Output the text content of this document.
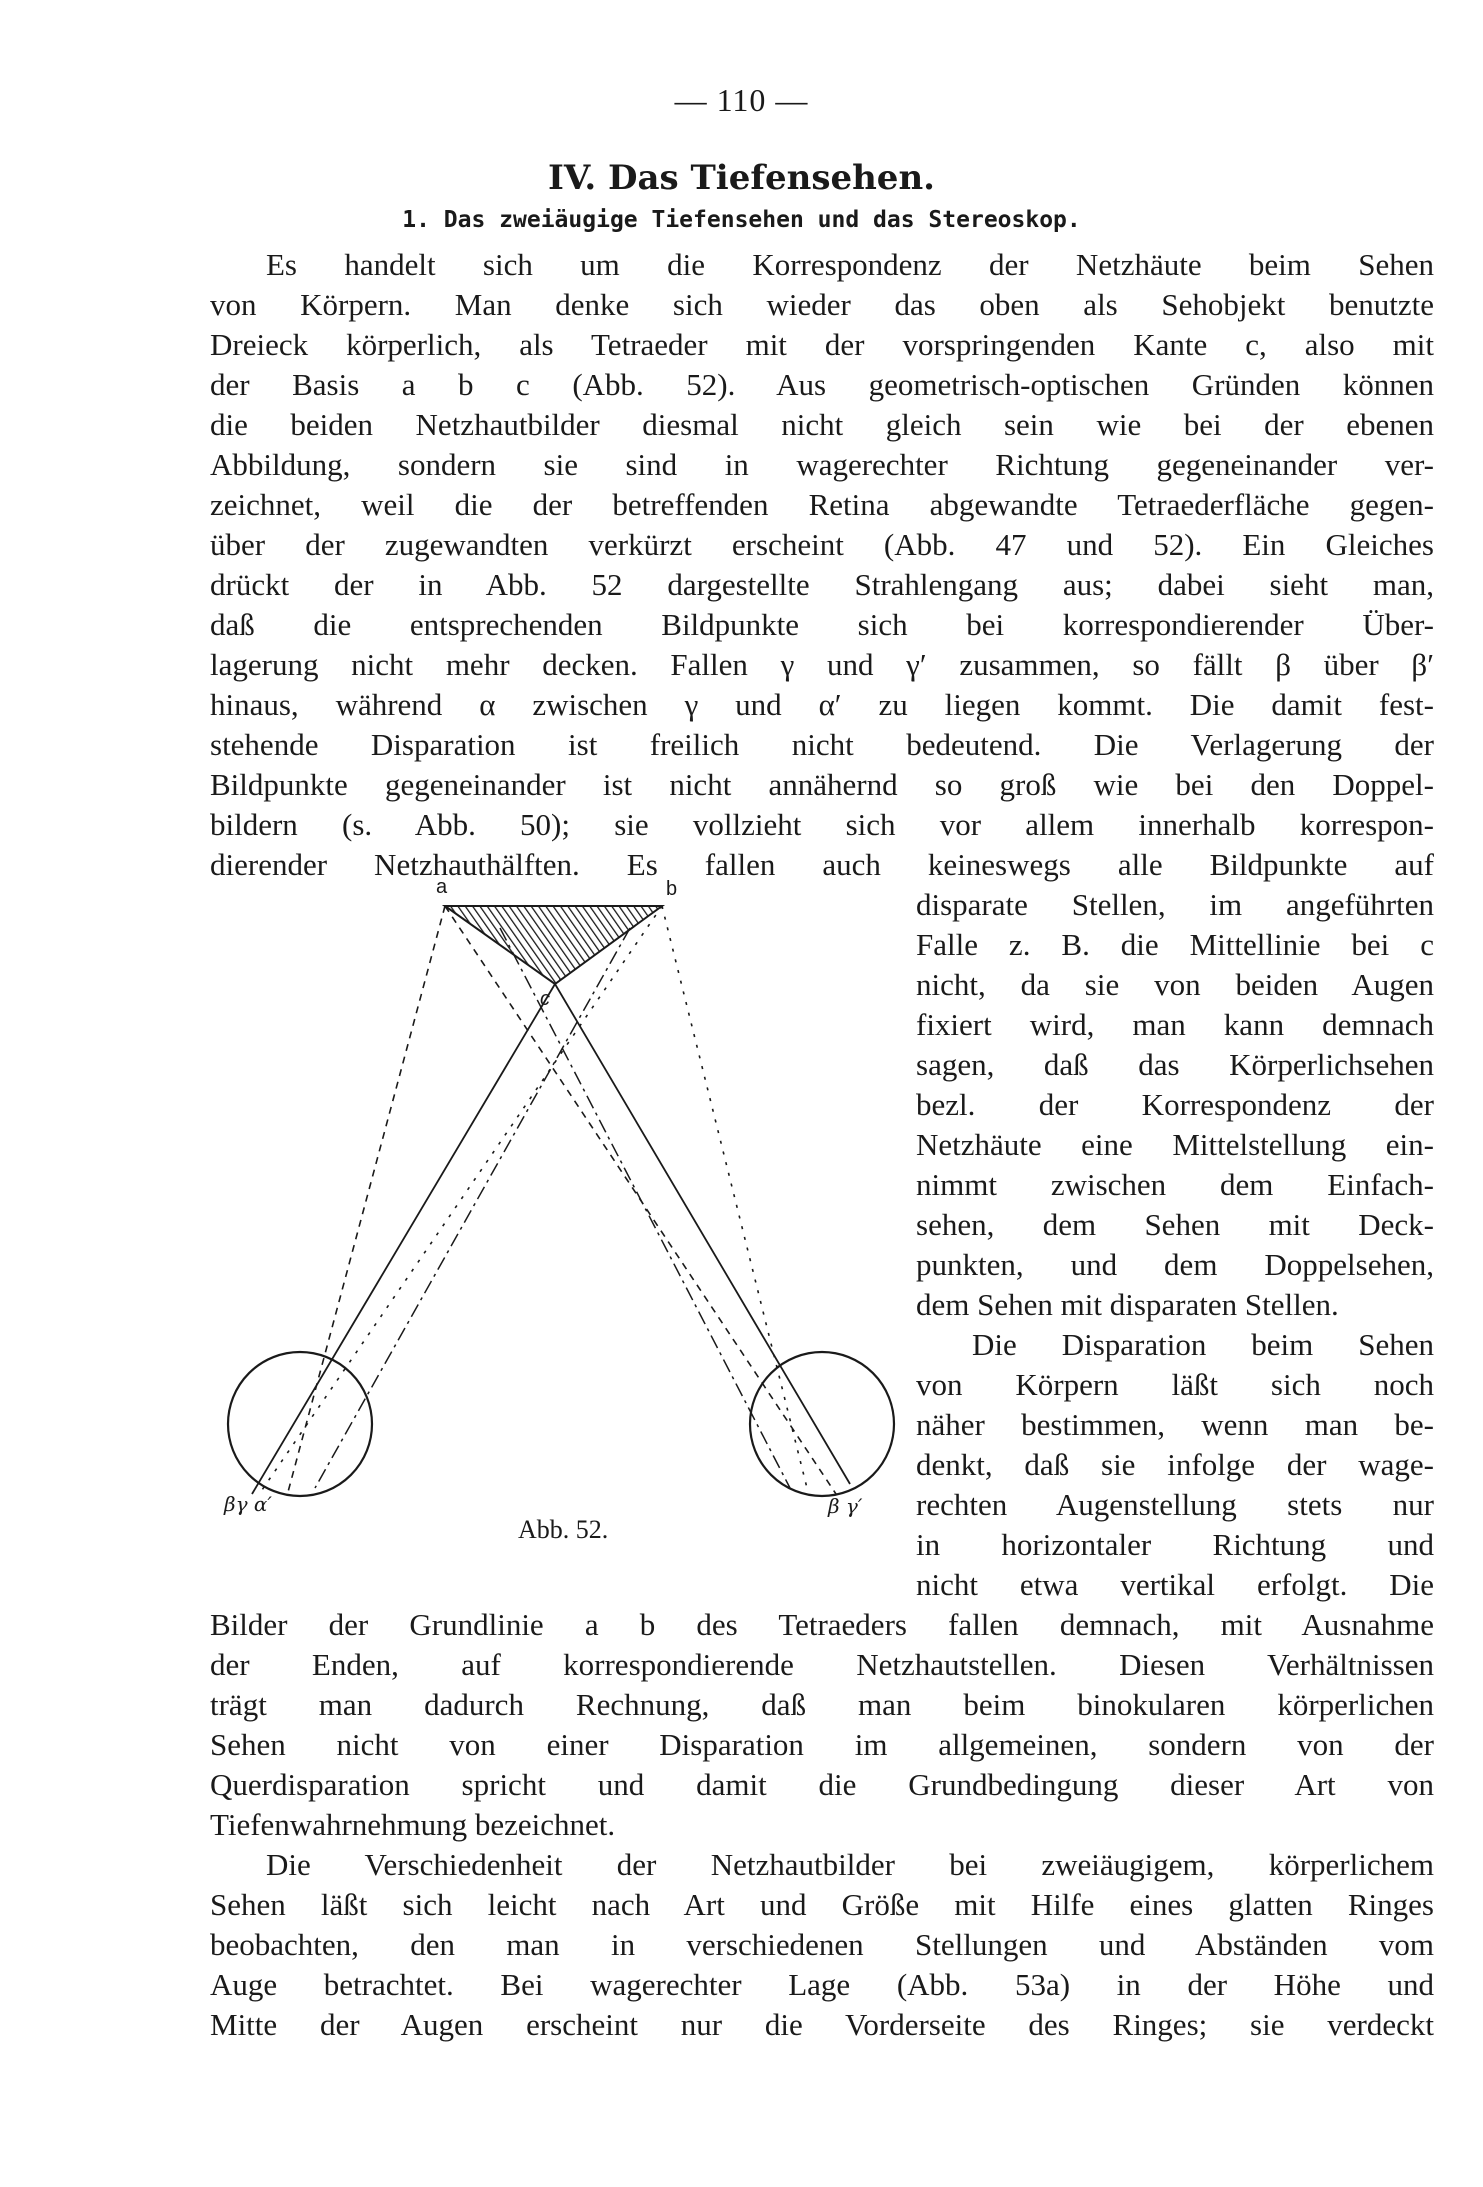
— 110 —
IV. Das Tiefensehen.
1. Das zweiäugige Tiefensehen und das Stereoskop.
Es handelt sich um die Korrespondenz der Netzhäute beim Sehen
von Körpern. Man denke sich wieder das oben als Sehobjekt benutzte
Dreieck körperlich, als Tetraeder mit der vorspringenden Kante c, also mit
der Basis a b c (Abb. 52). Aus geometrisch-optischen Gründen können
die beiden Netzhautbilder diesmal nicht gleich sein wie bei der ebenen
Abbildung, sondern sie sind in wagerechter Richtung gegeneinander ver-
zeichnet, weil die der betreffenden Retina abgewandte Tetraederfläche gegen-
über der zugewandten verkürzt erscheint (Abb. 47 und 52). Ein Gleiches
drückt der in Abb. 52 dargestellte Strahlengang aus; dabei sieht man,
daß die entsprechenden Bildpunkte sich bei korrespondierender Über-
lagerung nicht mehr decken. Fallen γ und γ′ zusammen, so fällt β über β′
hinaus, während α zwischen γ und α′ zu liegen kommt. Die damit fest-
stehende Disparation ist freilich nicht bedeutend. Die Verlagerung der
Bildpunkte gegeneinander ist nicht annähernd so groß wie bei den Doppel-
bildern (s. Abb. 50); sie vollzieht sich vor allem innerhalb korrespon-
dierender Netzhauthälften. Es fallen auch keineswegs alle Bildpunkte auf
disparate Stellen, im angeführten
Falle z. B. die Mittellinie bei c
nicht, da sie von beiden Augen
fixiert wird, man kann demnach
sagen, daß das Körperlichsehen
bezl. der Korrespondenz der
Netzhäute eine Mittelstellung ein-
nimmt zwischen dem Einfach-
sehen, dem Sehen mit Deck-
punkten, und dem Doppelsehen,
dem Sehen mit disparaten Stellen.
Die Disparation beim Sehen
von Körpern läßt sich noch
näher bestimmen, wenn man be-
denkt, daß sie infolge der wage-
rechten Augenstellung stets nur
in horizontaler Richtung und
nicht etwa vertikal erfolgt. Die
Bilder der Grundlinie a b des Tetraeders fallen demnach, mit Ausnahme
der Enden, auf korrespondierende Netzhautstellen. Diesen Verhältnissen
trägt man dadurch Rechnung, daß man beim binokularen körperlichen
Sehen nicht von einer Disparation im allgemeinen, sondern von der
Querdisparation spricht und damit die Grundbedingung dieser Art von
Tiefenwahrnehmung bezeichnet.
Die Verschiedenheit der Netzhautbilder bei zweiäugigem, körperlichem
Sehen läßt sich leicht nach Art und Größe mit Hilfe eines glatten Ringes
beobachten, den man in verschiedenen Stellungen und Abständen vom
Auge betrachtet. Bei wagerechter Lage (Abb. 53a) in der Höhe und
Mitte der Augen erscheint nur die Vorderseite des Ringes; sie verdeckt
a	b
c
βγ α′	β γ′
Abb. 52.
